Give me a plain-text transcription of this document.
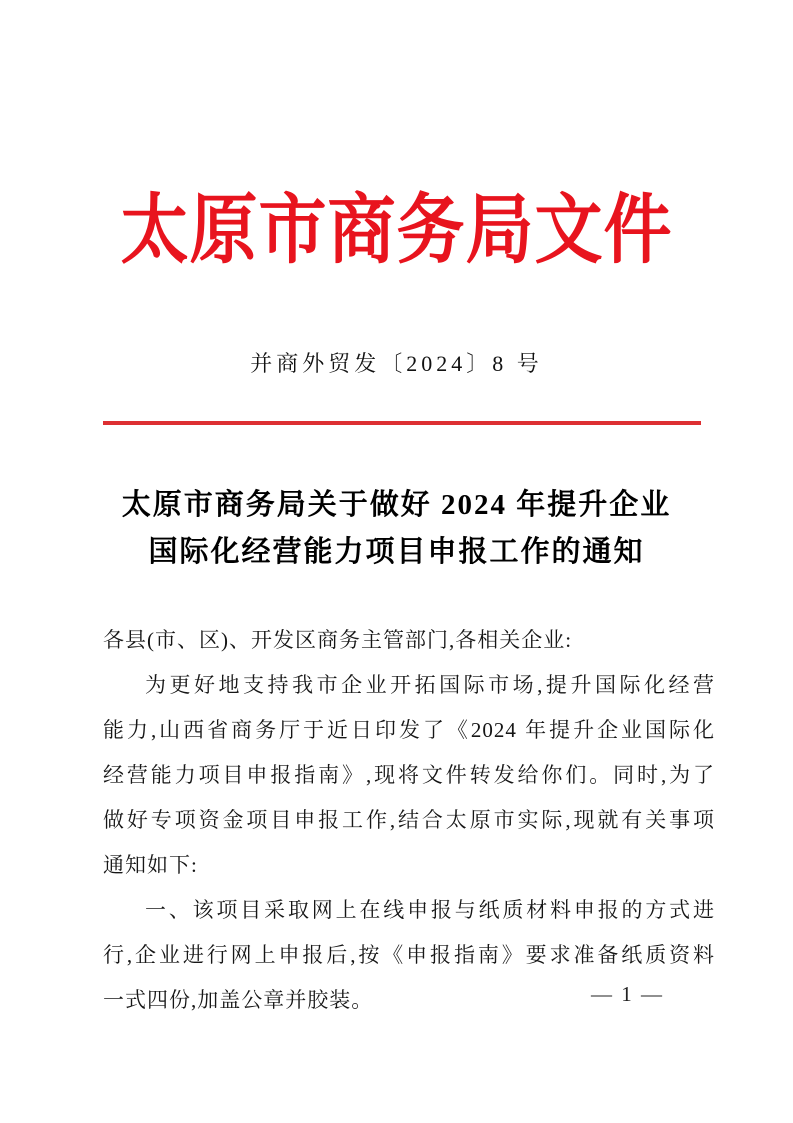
太原市商务局文件
并商外贸发〔2024〕8 号
太原市商务局关于做好 2024 年提升企业
国际化经营能力项目申报工作的通知
各县(市、区)、开发区商务主管部门,各相关企业:
为更好地支持我市企业开拓国际市场,提升国际化经营
能力,山西省商务厅于近日印发了《2024 年提升企业国际化
经营能力项目申报指南》,现将文件转发给你们。同时,为了
做好专项资金项目申报工作,结合太原市实际,现就有关事项
通知如下:
一、该项目采取网上在线申报与纸质材料申报的方式进
行,企业进行网上申报后,按《申报指南》要求准备纸质资料
一式四份,加盖公章并胶装。	— 1 —
